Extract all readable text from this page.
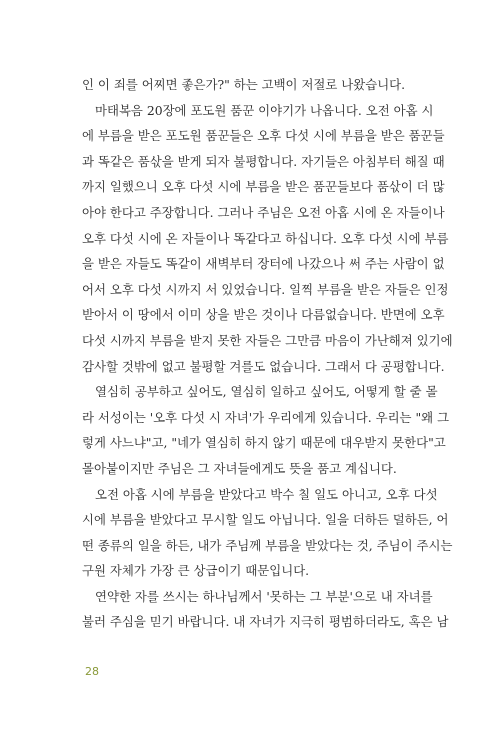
인 이 죄를 어찌면 좋은가?" 하는 고백이 저절로 나왔습니다.
마태복음 20장에 포도원 품꾼 이야기가 나옵니다. 오전 아홉 시
에 부름을 받은 포도원 품꾼들은 오후 다섯 시에 부름을 받은 품꾼들
과 똑같은 품삯을 받게 되자 불평합니다. 자기들은 아침부터 해질 때
까지 일했으니 오후 다섯 시에 부름을 받은 품꾼들보다 품삯이 더 많
아야 한다고 주장합니다. 그러나 주님은 오전 아홉 시에 온 자들이나
오후 다섯 시에 온 자들이나 똑같다고 하십니다. 오후 다섯 시에 부름
을 받은 자들도 똑같이 새벽부터 장터에 나갔으나 써 주는 사람이 없
어서 오후 다섯 시까지 서 있었습니다. 일찍 부름을 받은 자들은 인정
받아서 이 땅에서 이미 상을 받은 것이나 다름없습니다. 반면에 오후
다섯 시까지 부름을 받지 못한 자들은 그만큼 마음이 가난해져 있기에
감사할 것밖에 없고 불평할 겨를도 없습니다. 그래서 다 공평합니다.
열심히 공부하고 싶어도, 열심히 일하고 싶어도, 어떻게 할 줄 몰
라 서성이는 '오후 다섯 시 자녀'가 우리에게 있습니다. 우리는 "왜 그
렇게 사느냐"고, "네가 열심히 하지 않기 때문에 대우받지 못한다"고
몰아붙이지만 주님은 그 자녀들에게도 뜻을 품고 계십니다.
오전 아홉 시에 부름을 받았다고 박수 칠 일도 아니고, 오후 다섯
시에 부름을 받았다고 무시할 일도 아닙니다. 일을 더하든 덜하든, 어
떤 종류의 일을 하든, 내가 주님께 부름을 받았다는 것, 주님이 주시는
구원 자체가 가장 큰 상급이기 때문입니다.
연약한 자를 쓰시는 하나님께서 '못하는 그 부분'으로 내 자녀를
불러 주심을 믿기 바랍니다. 내 자녀가 지극히 평범하더라도, 혹은 남
28
